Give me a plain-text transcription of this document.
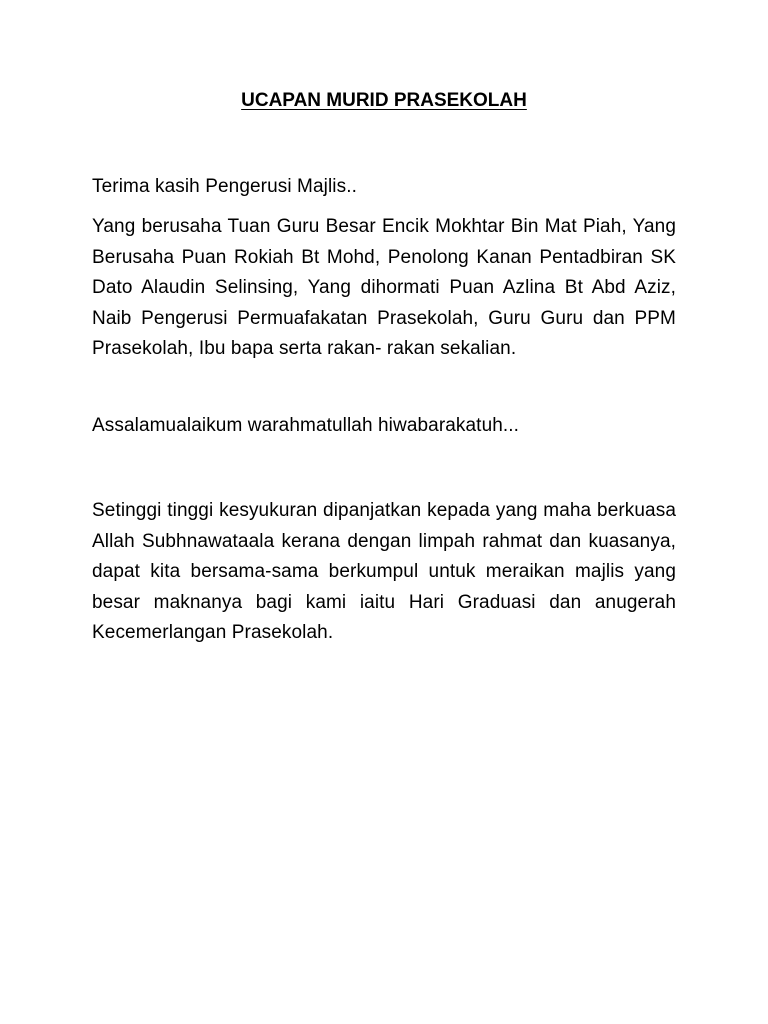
UCAPAN MURID PRASEKOLAH

Terima kasih Pengerusi Majlis..

Yang berusaha Tuan Guru Besar Encik Mokhtar Bin Mat Piah, Yang Berusaha Puan Rokiah Bt Mohd, Penolong Kanan Pentadbiran SK Dato Alaudin Selinsing, Yang dihormati Puan Azlina Bt Abd Aziz, Naib Pengerusi Permuafakatan Prasekolah, Guru Guru dan PPM Prasekolah, Ibu bapa serta rakan- rakan sekalian.

Assalamualaikum warahmatullah hiwabarakatuh...

Setinggi tinggi kesyukuran dipanjatkan kepada yang maha berkuasa Allah Subhnawataala kerana dengan limpah rahmat dan kuasanya, dapat kita bersama-sama berkumpul untuk meraikan majlis yang besar maknanya bagi kami iaitu Hari Graduasi dan anugerah Kecemerlangan Prasekolah.
